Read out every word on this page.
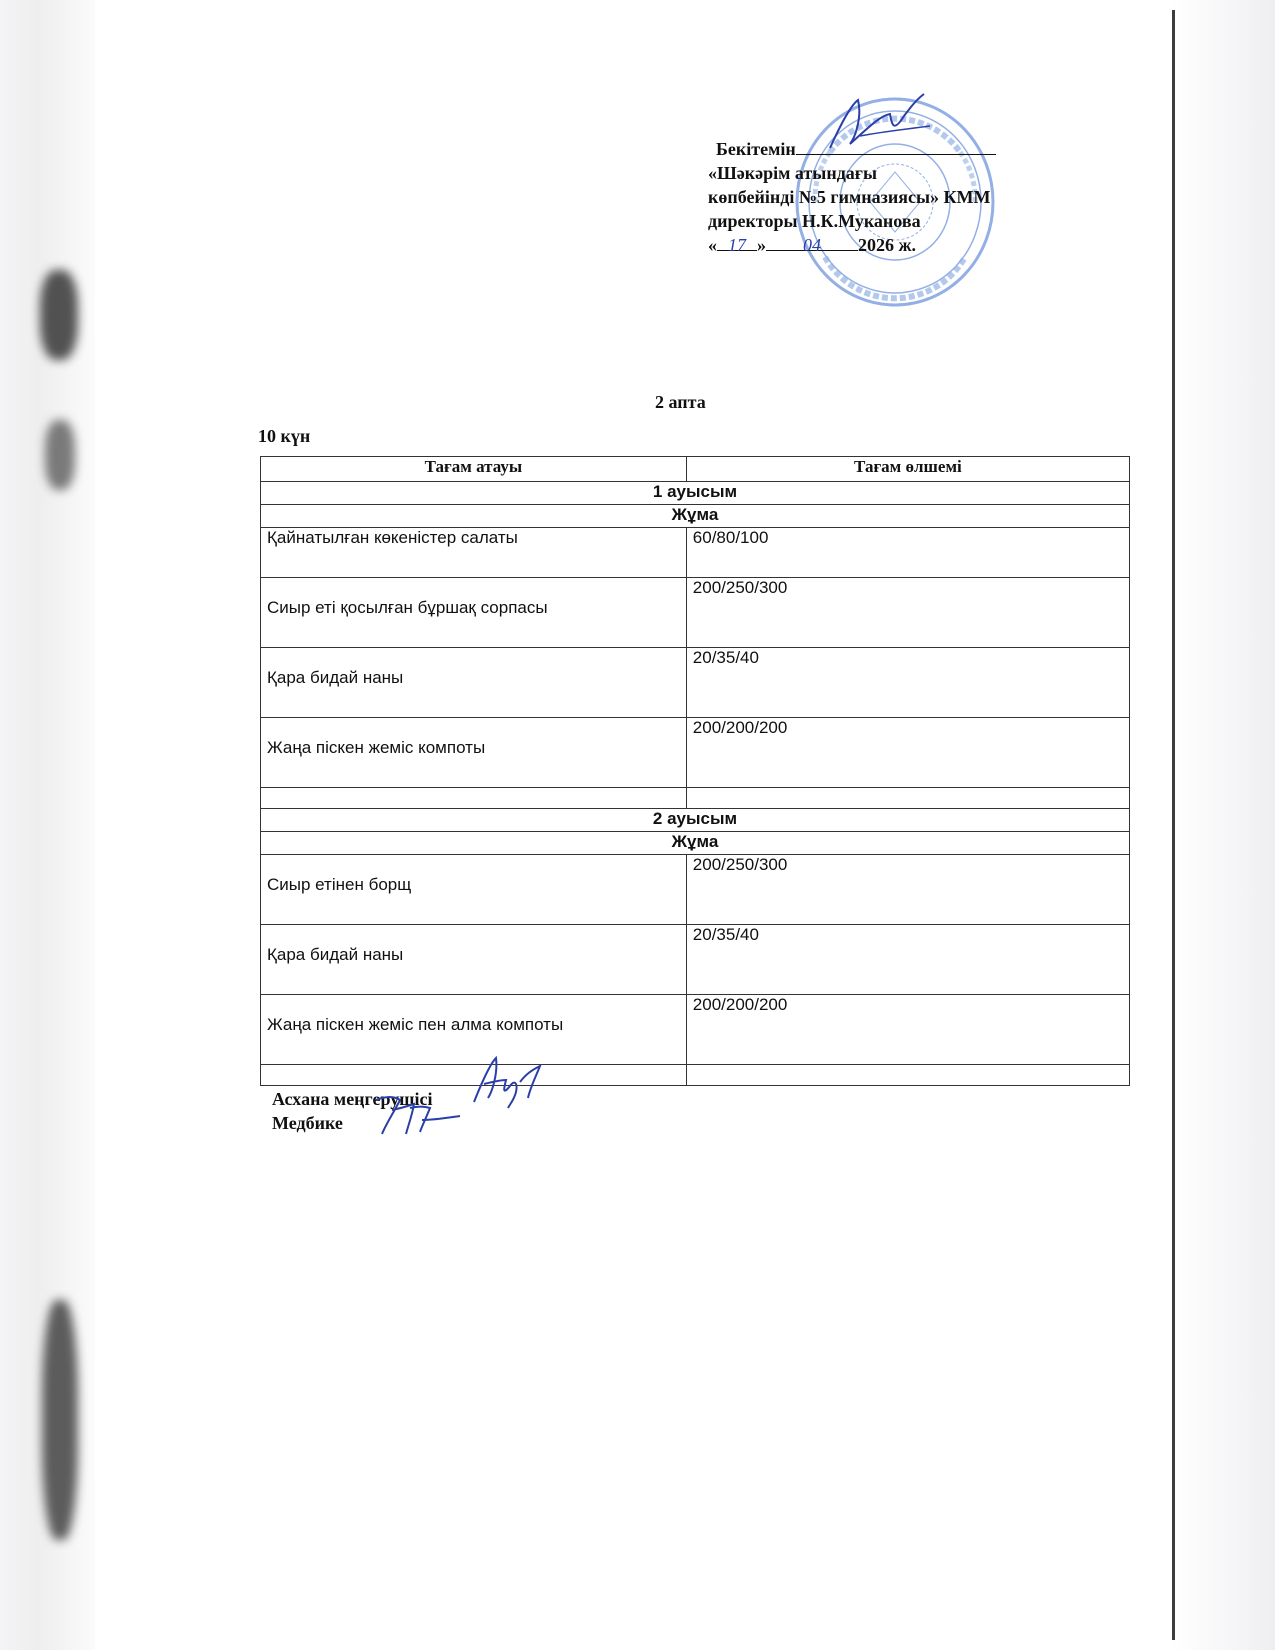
Бекітемін
«Шәкәрім атындағы
көпбейінді №5 гимназиясы» КММ
директоры Н.К.Муканова
« 17 » 04 2026 ж.
2 апта
10 күн
Тағам атауы	Тағам өлшемі
1 ауысым	
Жұма	
Қайнатылған көкеністер салаты	60/80/100
Сиыр еті қосылған бұршақ сорпасы	200/250/300
Қара бидай наны	20/35/40
Жаңа піскен жеміс компоты	200/200/200

2 ауысым	
Жұма	
Сиыр етінен борщ	200/250/300
Қара бидай наны	20/35/40
Жаңа піскен жеміс пен алма компоты	200/200/200

Асхана меңгерушісі
Медбике
